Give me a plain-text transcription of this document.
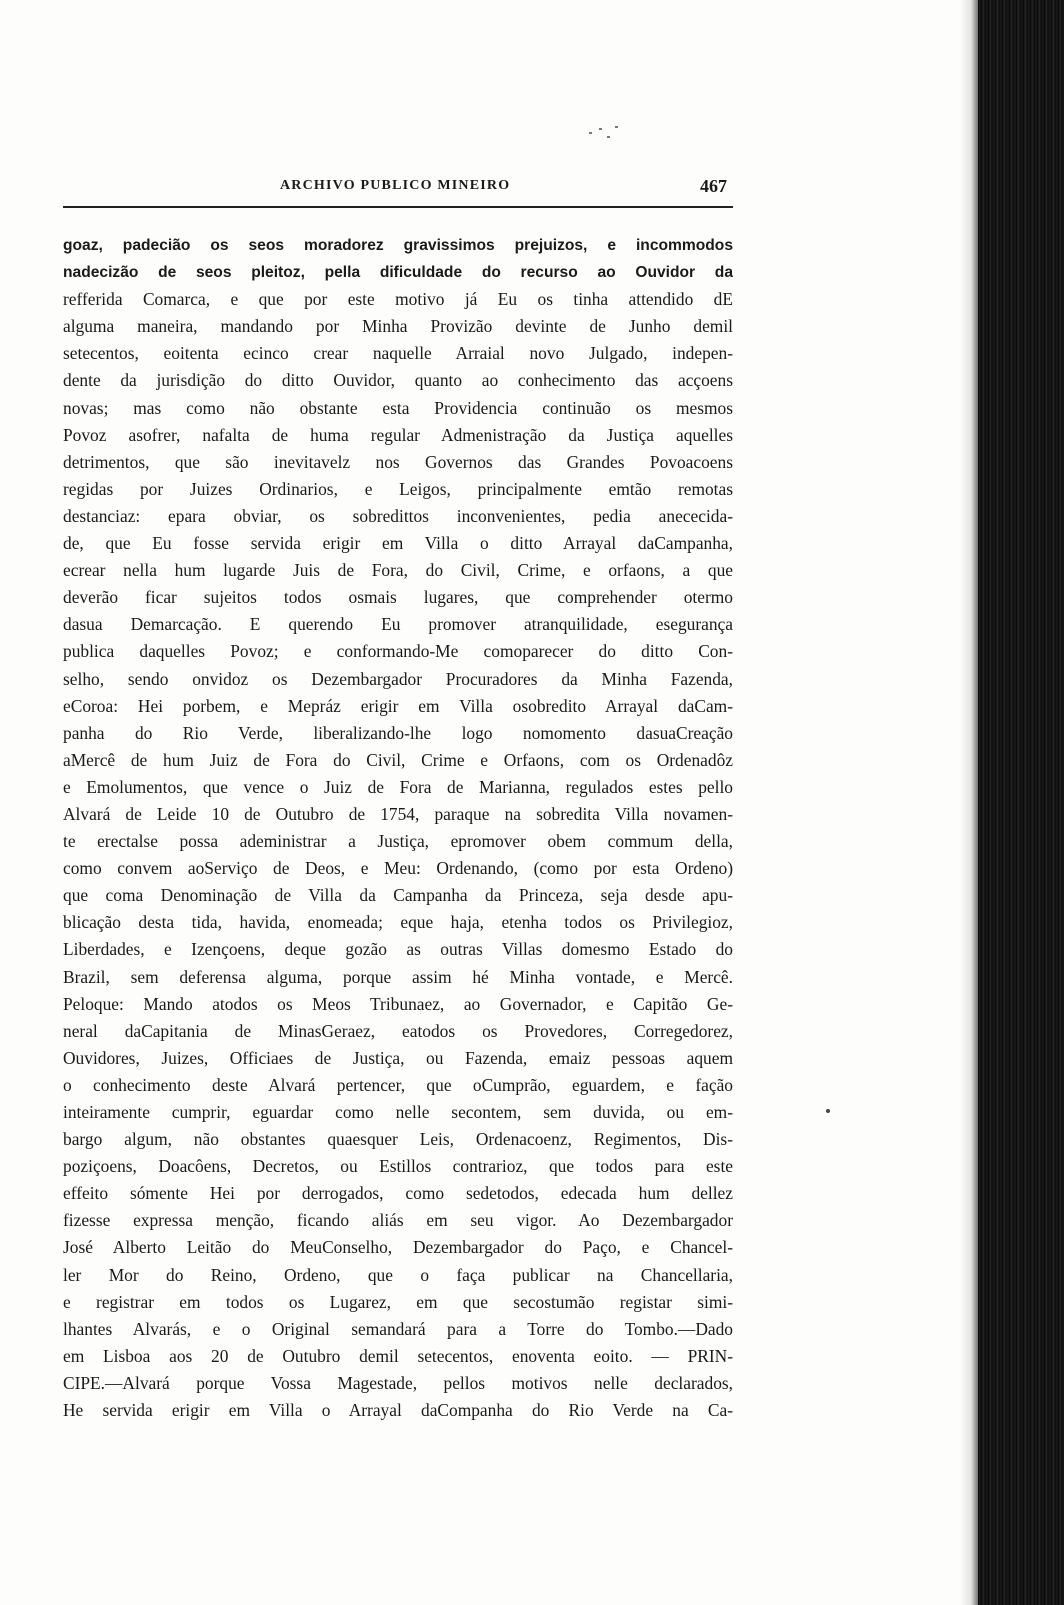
ARCHIVO PUBLICO MINEIRO	467
goaz, padecião os seos moradorez gravissimos prejuizos, e incommodos
nadecizão de seos pleitoz, pella dificuldade do recurso ao Ouvidor da
refferida Comarca, e que por este motivo já Eu os tinha attendido dE
alguma maneira, mandando por Minha Provizão devinte de Junho demil
setecentos, eoitenta ecinco crear naquelle Arraial novo Julgado, indepen-
dente da jurisdição do ditto Ouvidor, quanto ao conhecimento das acçoens
novas; mas como não obstante esta Providencia continuão os mesmos
Povoz asofrer, nafalta de huma regular Admenistração da Justiça aquelles
detrimentos, que são inevitavelz nos Governos das Grandes Povoacoens
regidas por Juizes Ordinarios, e Leigos, principalmente emtão remotas
destanciaz: epara obviar, os sobredittos inconvenientes, pedia anececida-
de, que Eu fosse servida erigir em Villa o ditto Arrayal daCampanha,
ecrear nella hum lugarde Juis de Fora, do Civil, Crime, e orfaons, a que
deverão ficar sujeitos todos osmais lugares, que comprehender otermo
dasua Demarcação. E querendo Eu promover atranquilidade, esegurança
publica daquelles Povoz; e conformando-Me comoparecer do ditto Con-
selho, sendo onvidoz os Dezembargador Procuradores da Minha Fazenda,
eCoroa: Hei porbem, e Mepráz erigir em Villa osobredito Arrayal daCam-
panha do Rio Verde, liberalizando-lhe logo nomomento dasuaCreação
aMercê de hum Juiz de Fora do Civil, Crime e Orfaons, com os Ordenadôz
e Emolumentos, que vence o Juiz de Fora de Marianna, regulados estes pello
Alvará de Leide 10 de Outubro de 1754, paraque na sobredita Villa novamen-
te erectalse possa adeministrar a Justiça, epromover obem commum della,
como convem aoServiço de Deos, e Meu: Ordenando, (como por esta Ordeno)
que coma Denominação de Villa da Campanha da Princeza, seja desde apu-
blicação desta tida, havida, enomeada; eque haja, etenha todos os Privilegioz,
Liberdades, e Izençoens, deque gozão as outras Villas domesmo Estado do
Brazil, sem deferensa alguma, porque assim hé Minha vontade, e Mercê.
Peloque: Mando atodos os Meos Tribunaez, ao Governador, e Capitão Ge-
neral daCapitania de MinasGeraez, eatodos os Provedores, Corregedorez,
Ouvidores, Juizes, Officiaes de Justiça, ou Fazenda, emaiz pessoas aquem
o conhecimento deste Alvará pertencer, que oCumprão, eguardem, e fação
inteiramente cumprir, eguardar como nelle secontem, sem duvida, ou em-
bargo algum, não obstantes quaesquer Leis, Ordenacoenz, Regimentos, Dis-
poziçoens, Doacôens, Decretos, ou Estillos contrarioz, que todos para este
effeito sómente Hei por derrogados, como sedetodos, edecada hum dellez
fizesse expressa menção, ficando aliás em seu vigor. Ao Dezembargador
José Alberto Leitão do MeuConselho, Dezembargador do Paço, e Chancel-
ler Mor do Reino, Ordeno, que o faça publicar na Chancellaria,
e registrar em todos os Lugarez, em que secostumão registar simi-
lhantes Alvarás, e o Original semandará para a Torre do Tombo.—Dado
em Lisboa aos 20 de Outubro demil setecentos, enoventa eoito. — PRIN-
CIPE.—Alvará porque Vossa Magestade, pellos motivos nelle declarados,
He servida erigir em Villa o Arrayal daCompanha do Rio Verde na Ca-
